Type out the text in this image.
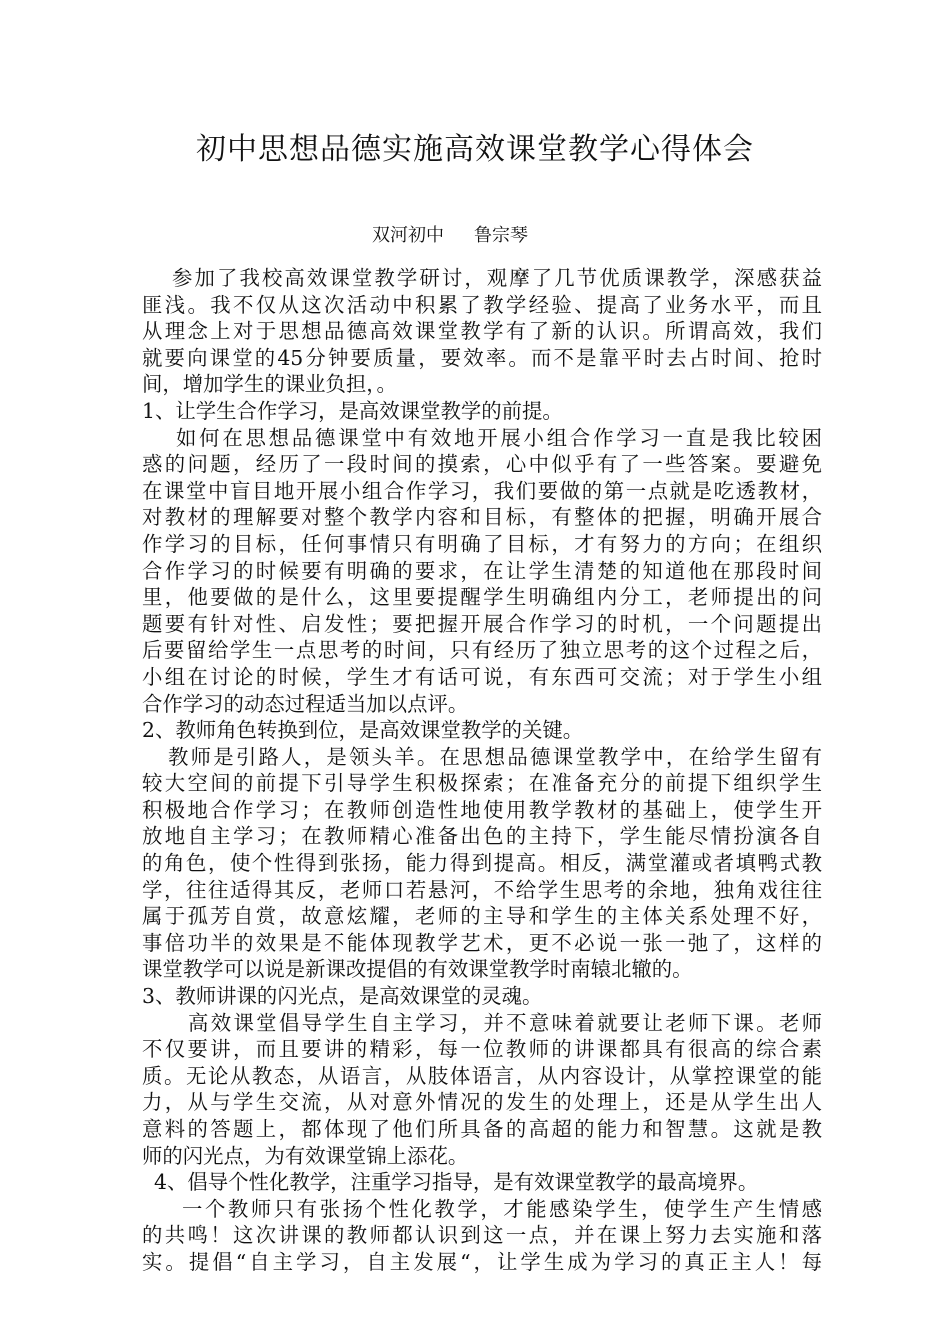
初中思想品德实施高效课堂教学心得体会
双河初中 鲁宗琴
参加了我校高效课堂教学研讨，观摩了几节优质课教学，深感获益
匪浅。我不仅从这次活动中积累了教学经验、提高了业务水平，而且
从理念上对于思想品德高效课堂教学有了新的认识。所谓高效，我们
就要向课堂的45分钟要质量，要效率。而不是靠平时去占时间、抢时
间，增加学生的课业负担，。
1、让学生合作学习，是高效课堂教学的前提。
如何在思想品德课堂中有效地开展小组合作学习一直是我比较困
惑的问题，经历了一段时间的摸索，心中似乎有了一些答案。要避免
在课堂中盲目地开展小组合作学习，我们要做的第一点就是吃透教材，
对教材的理解要对整个教学内容和目标，有整体的把握，明确开展合
作学习的目标，任何事情只有明确了目标，才有努力的方向；在组织
合作学习的时候要有明确的要求，在让学生清楚的知道他在那段时间
里，他要做的是什么，这里要提醒学生明确组内分工，老师提出的问
题要有针对性、启发性；要把握开展合作学习的时机，一个问题提出
后要留给学生一点思考的时间，只有经历了独立思考的这个过程之后，
小组在讨论的时候，学生才有话可说，有东西可交流；对于学生小组
合作学习的动态过程适当加以点评。
2、教师角色转换到位，是高效课堂教学的关键。
教师是引路人，是领头羊。在思想品德课堂教学中，在给学生留有
较大空间的前提下引导学生积极探索；在准备充分的前提下组织学生
积极地合作学习；在教师创造性地使用教学教材的基础上，使学生开
放地自主学习；在教师精心准备出色的主持下，学生能尽情扮演各自
的角色，使个性得到张扬，能力得到提高。相反，满堂灌或者填鸭式教
学，往往适得其反，老师口若悬河，不给学生思考的余地，独角戏往往
属于孤芳自赏，故意炫耀，老师的主导和学生的主体关系处理不好，
事倍功半的效果是不能体现教学艺术，更不必说一张一弛了，这样的
课堂教学可以说是新课改提倡的有效课堂教学时南辕北辙的。
3、教师讲课的闪光点，是高效课堂的灵魂。
高效课堂倡导学生自主学习，并不意味着就要让老师下课。老师
不仅要讲，而且要讲的精彩，每一位教师的讲课都具有很高的综合素
质。无论从教态，从语言，从肢体语言，从内容设计，从掌控课堂的能
力，从与学生交流，从对意外情况的发生的处理上，还是从学生出人
意料的答题上，都体现了他们所具备的高超的能力和智慧。这就是教
师的闪光点，为有效课堂锦上添花。
4、倡导个性化教学，注重学习指导，是有效课堂教学的最高境界。
一个教师只有张扬个性化教学，才能感染学生，使学生产生情感
的共鸣！这次讲课的教师都认识到这一点，并在课上努力去实施和落
实。提倡“自主学习，自主发展“，让学生成为学习的真正主人！每
